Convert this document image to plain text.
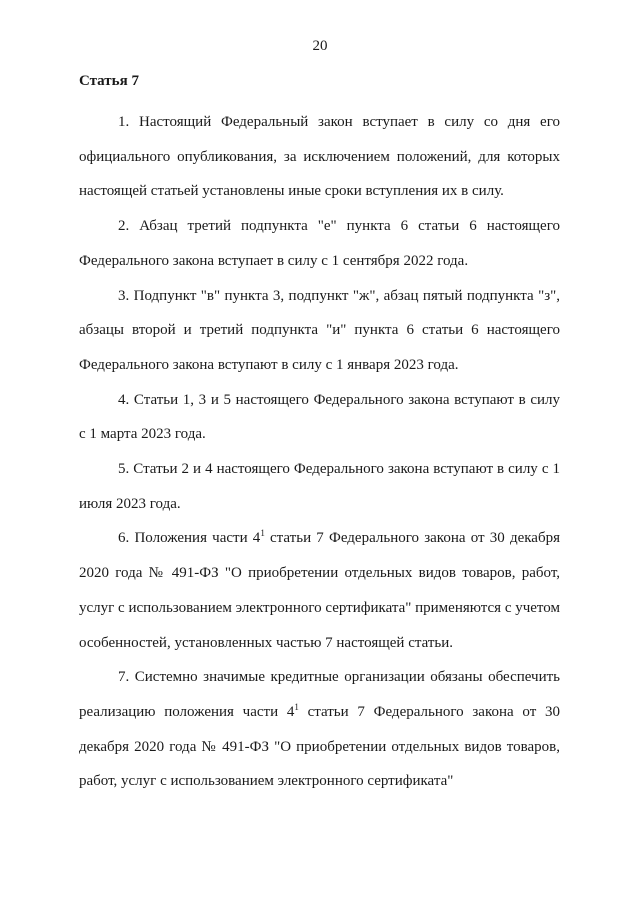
20
Статья 7

1. Настоящий Федеральный закон вступает в силу со дня его официального опубликования, за исключением положений, для которых настоящей статьей установлены иные сроки вступления их в силу.

2. Абзац третий подпункта "е" пункта 6 статьи 6 настоящего Федерального закона вступает в силу с 1 сентября 2022 года.

3. Подпункт "в" пункта 3, подпункт "ж", абзац пятый подпункта "з", абзацы второй и третий подпункта "и" пункта 6 статьи 6 настоящего Федерального закона вступают в силу с 1 января 2023 года.

4. Статьи 1, 3 и 5 настоящего Федерального закона вступают в силу с 1 марта 2023 года.

5. Статьи 2 и 4 настоящего Федерального закона вступают в силу с 1 июля 2023 года.

6. Положения части $4^1$ статьи 7 Федерального закона от 30 декабря 2020 года № 491-ФЗ "О приобретении отдельных видов товаров, работ, услуг с использованием электронного сертификата" применяются с учетом особенностей, установленных частью 7 настоящей статьи.

7. Системно значимые кредитные организации обязаны обеспечить реализацию положения части $4^1$ статьи 7 Федерального закона от 30 декабря 2020 года № 491-ФЗ "О приобретении отдельных видов товаров, работ, услуг с использованием электронного сертификата"
